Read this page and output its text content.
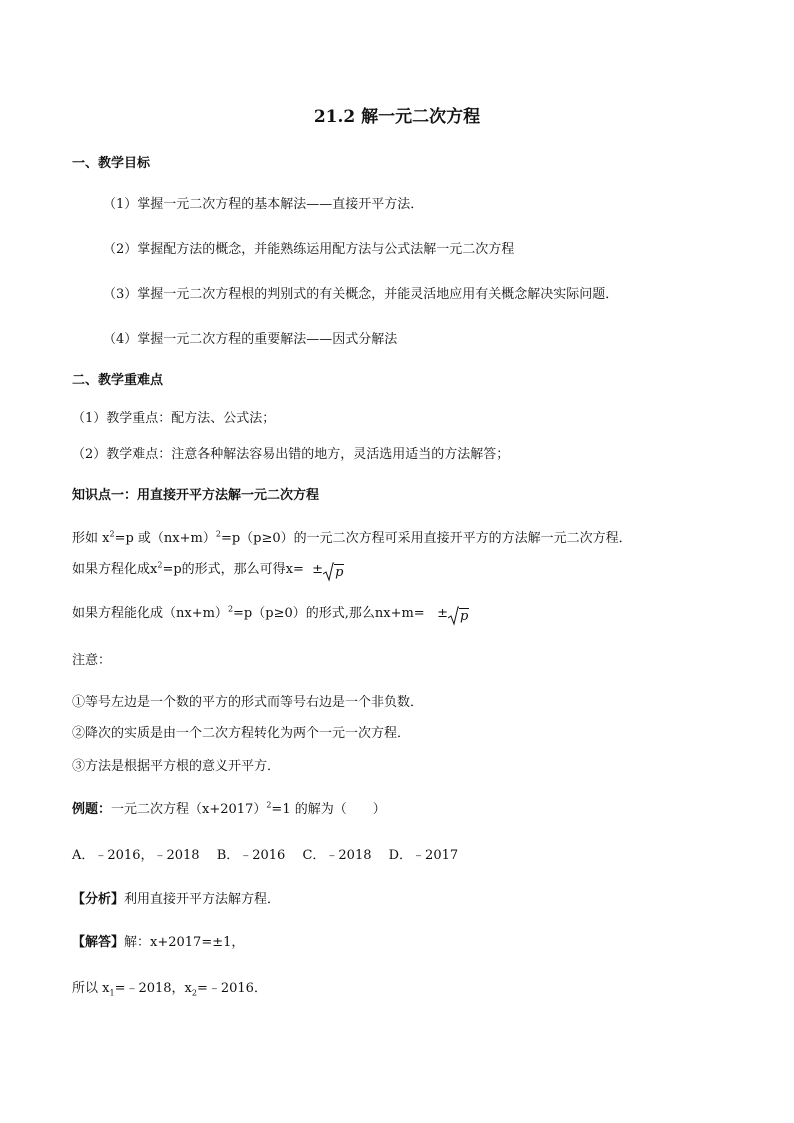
21.2 解一元二次方程
一、教学目标
（1）掌握一元二次方程的基本解法——直接开平方法．
（2）掌握配方法的概念，并能熟练运用配方法与公式法解一元二次方程
（3）掌握一元二次方程根的判别式的有关概念，并能灵活地应用有关概念解决实际问题．
（4）掌握一元二次方程的重要解法——因式分解法
二、教学重难点
（1）教学重点：配方法、公式法；
（2）教学难点：注意各种解法容易出错的地方，灵活选用适当的方法解答；
知识点一：用直接开平方法解一元二次方程
形如 $x^2=p$ 或$(nx+m)^2=p(p\ge 0)$的一元二次方程可采用直接开平方的方法解一元二次方程．
如果方程化成$x^2=p$的形式，那么可得x= ± p
如果方程能化成$(nx+m)^2=p(p\ge 0)$的形式,那么nx+m= ± p
注意：
①等号左边是一个数的平方的形式而等号右边是一个非负数．
②降次的实质是由一个二次方程转化为两个一元一次方程．
③方法是根据平方根的意义开平方．
例题：一元二次方程$(x+2017)^2=1$ 的解为（　　）
A．﹣2016，﹣2018　 B．﹣2016　 C．﹣2018　 D．﹣2017
【分析】利用直接开平方法解方程．
【解答】解：x+2017=±1，
所以 $x_1=﹣2018$，$x_2=﹣2016$．
